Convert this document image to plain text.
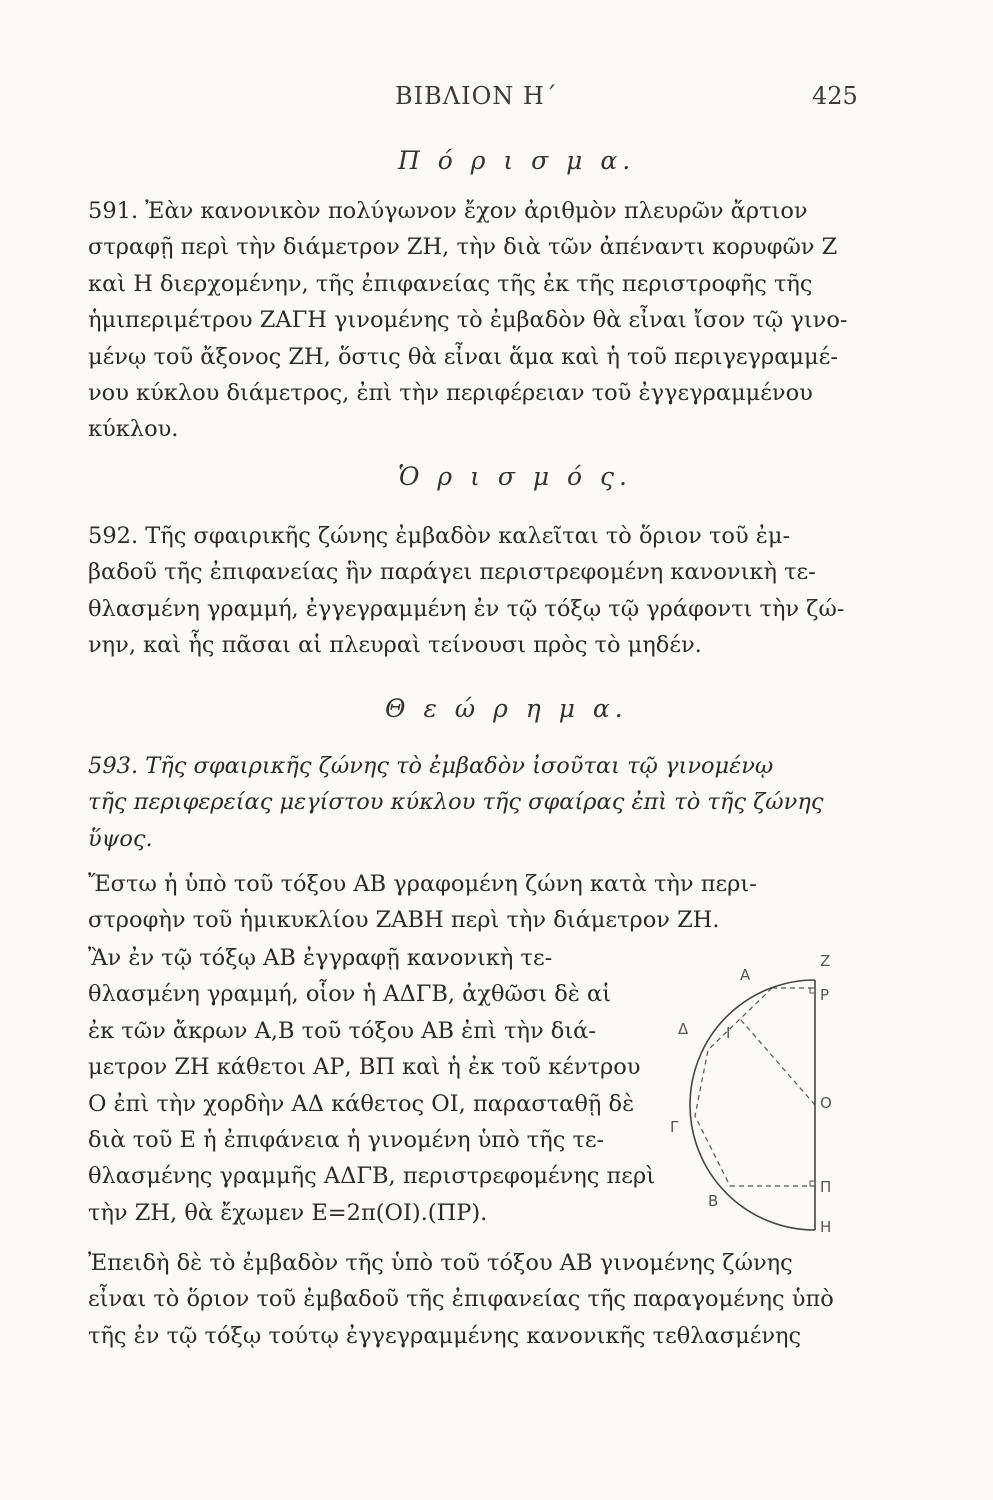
ΒΙΒΛΙΟΝ Η΄	425
Π ό ρ ι σ μ α.
591. Ἐὰν κανονικὸν πολύγωνον ἔχον ἀριθμὸν πλευρῶν ἄρτιον
στραφῇ περὶ τὴν διάμετρον ΖΗ, τὴν διὰ τῶν ἀπέναντι κορυφῶν Ζ
καὶ Η διερχομένην, τῆς ἐπιφανείας τῆς ἐκ τῆς περιστροφῆς τῆς
ἡμιπεριμέτρου ΖΑΓΗ γινομένης τὸ ἐμβαδὸν θὰ εἶναι ἴσον τῷ γινο-
μένῳ τοῦ ἄξονος ΖΗ, ὅστις θὰ εἶναι ἅμα καὶ ἡ τοῦ περιγεγραμμέ-
νου κύκλου διάμετρος, ἐπὶ τὴν περιφέρειαν τοῦ ἐγγεγραμμένου
κύκλου.
Ὁ ρ ι σ μ ό ς.
592. Τῆς σφαιρικῆς ζώνης ἐμβαδὸν καλεῖται τὸ ὅριον τοῦ ἐμ-
βαδοῦ τῆς ἐπιφανείας ἣν παράγει περιστρεφομένη κανονικὴ τε-
θλασμένη γραμμή, ἐγγεγραμμένη ἐν τῷ τόξῳ τῷ γράφοντι τὴν ζώ-
νην, καὶ ἧς πᾶσαι αἱ πλευραὶ τείνουσι πρὸς τὸ μηδέν.
Θ ε ώ ρ η μ α.
593. Τῆς σφαιρικῆς ζώνης τὸ ἐμβαδὸν ἰσοῦται τῷ γινομένῳ
τῆς περιφερείας μεγίστου κύκλου τῆς σφαίρας ἐπὶ τὸ τῆς ζώνης
ὕψος.
Ἔστω ἡ ὑπὸ τοῦ τόξου ΑΒ γραφομένη ζώνη κατὰ τὴν περι-
στροφὴν τοῦ ἡμικυκλίου ΖΑΒΗ περὶ τὴν διάμετρον ΖΗ.
Ἂν ἐν τῷ τόξῳ ΑΒ ἐγγραφῇ κανονικὴ τε-
θλασμένη γραμμή, οἷον ἡ ΑΔΓΒ, ἀχθῶσι δὲ αἱ
ἐκ τῶν ἄκρων Α,Β τοῦ τόξου ΑΒ ἐπὶ τὴν διά-
μετρον ΖΗ κάθετοι ΑΡ, ΒΠ καὶ ἡ ἐκ τοῦ κέντρου
Ο ἐπὶ τὴν χορδὴν ΑΔ κάθετος ΟΙ, παρασταθῇ δὲ
διὰ τοῦ Ε ἡ ἐπιφάνεια ἡ γινομένη ὑπὸ τῆς τε-
θλασμένης γραμμῆς ΑΔΓΒ, περιστρεφομένης περὶ
τὴν ΖΗ, θὰ ἔχωμεν Ε=2π(ΟΙ).(ΠΡ).
Z
A
P
Δ	I
O
Γ
B
Π
H
Ἐπειδὴ δὲ τὸ ἐμβαδὸν τῆς ὑπὸ τοῦ τόξου ΑΒ γινομένης ζώνης
εἶναι τὸ ὅριον τοῦ ἐμβαδοῦ τῆς ἐπιφανείας τῆς παραγομένης ὑπὸ
τῆς ἐν τῷ τόξῳ τούτῳ ἐγγεγραμμένης κανονικῆς τεθλασμένης
